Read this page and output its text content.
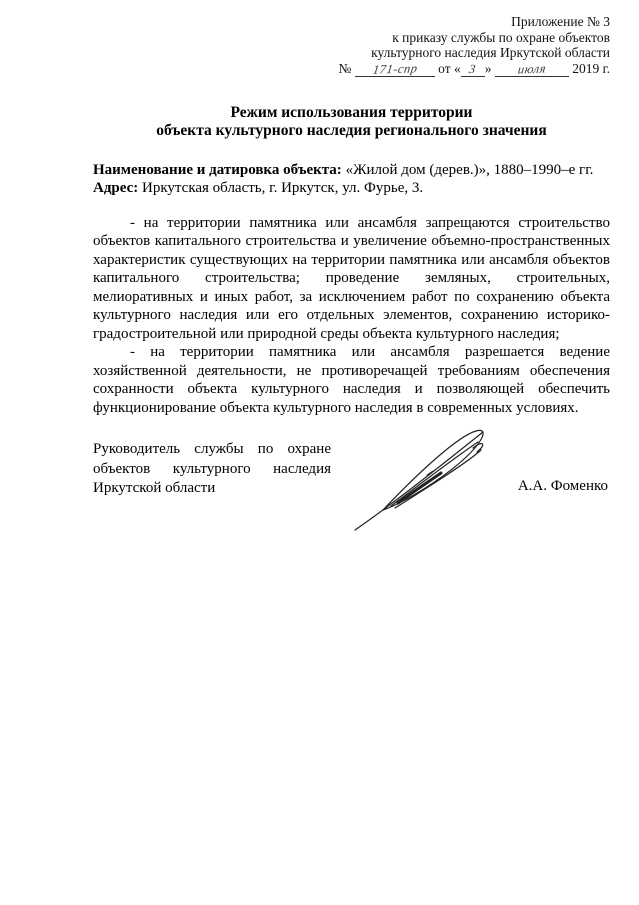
Приложение № 3
к приказу службы по охране объектов
культурного наследия Иркутской области
№ 171-спр от « 3 » июля 2019 г.
Режим использования территории
объекта культурного наследия регионального значения

Наименование и датировка объекта: «Жилой дом (дерев.)», 1880–1990–е гг.

Адрес: Иркутская область, г. Иркутск, ул. Фурье, 3.

- на территории памятника или ансамбля запрещаются строительство объектов капитального строительства и увеличение объемно-пространственных характеристик существующих на территории памятника или ансамбля объектов капитального строительства; проведение земляных, строительных, мелиоративных и иных работ, за исключением работ по сохранению объекта культурного наследия или его отдельных элементов, сохранению историко-градостроительной или природной среды объекта культурного наследия;

- на территории памятника или ансамбля разрешается ведение хозяйственной деятельности, не противоречащей требованиям обеспечения сохранности объекта культурного наследия и позволяющей обеспечить функционирование объекта культурного наследия в современных условиях.

Руководитель службы по охране объектов культурного наследия Иркутской области	А.А. Фоменко
